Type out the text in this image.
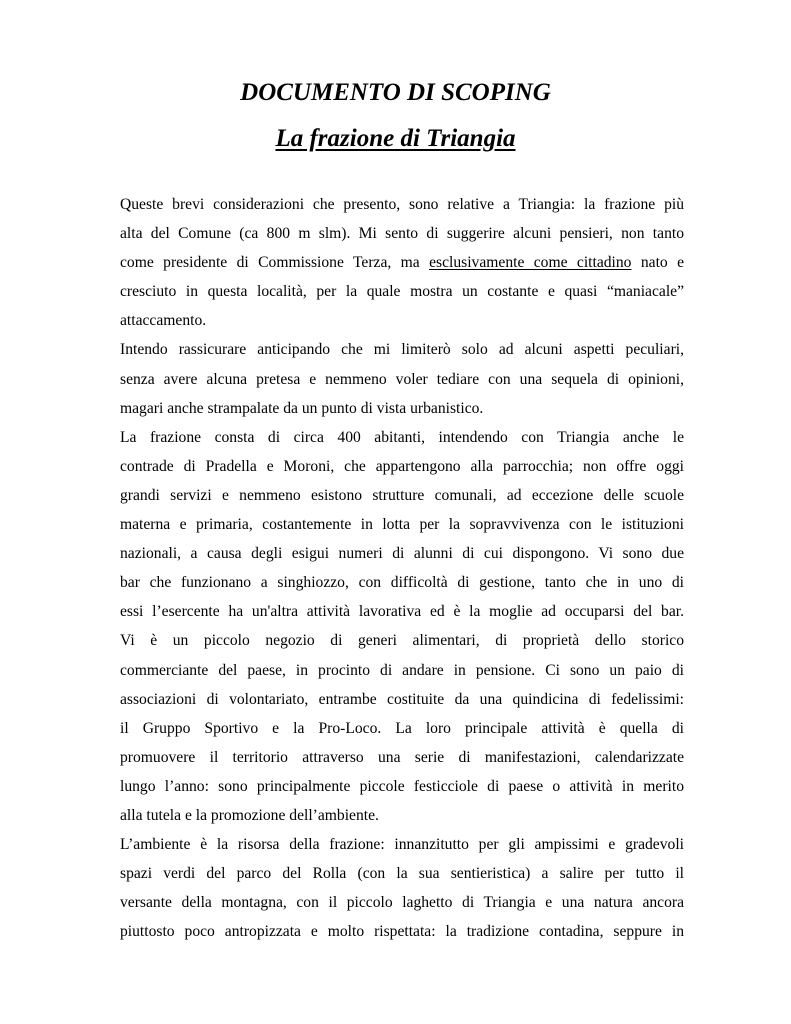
DOCUMENTO DI SCOPING
La frazione di Triangia
Queste brevi considerazioni che presento, sono relative a Triangia: la frazione più
alta del Comune (ca 800 m slm). Mi sento di suggerire alcuni pensieri, non tanto
come presidente di Commissione Terza, ma esclusivamente come cittadino nato e
cresciuto in questa località, per la quale mostra un costante e quasi “maniacale”
attaccamento.
Intendo rassicurare anticipando che mi limiterò solo ad alcuni aspetti peculiari,
senza avere alcuna pretesa e nemmeno voler tediare con una sequela di opinioni,
magari anche strampalate da un punto di vista urbanistico.
La frazione consta di circa 400 abitanti, intendendo con Triangia anche le
contrade di Pradella e Moroni, che appartengono alla parrocchia; non offre oggi
grandi servizi e nemmeno esistono strutture comunali, ad eccezione delle scuole
materna e primaria, costantemente in lotta per la sopravvivenza con le istituzioni
nazionali, a causa degli esigui numeri di alunni di cui dispongono. Vi sono due
bar che funzionano a singhiozzo, con difficoltà di gestione, tanto che in uno di
essi l’esercente ha un'altra attività lavorativa ed è la moglie ad occuparsi del bar.
Vi è un piccolo negozio di generi alimentari, di proprietà dello storico
commerciante del paese, in procinto di andare in pensione. Ci sono un paio di
associazioni di volontariato, entrambe costituite da una quindicina di fedelissimi:
il Gruppo Sportivo e la Pro-Loco. La loro principale attività è quella di
promuovere il territorio attraverso una serie di manifestazioni, calendarizzate
lungo l’anno: sono principalmente piccole festicciole di paese o attività in merito
alla tutela e la promozione dell’ambiente.
L’ambiente è la risorsa della frazione: innanzitutto per gli ampissimi e gradevoli
spazi verdi del parco del Rolla (con la sua sentieristica) a salire per tutto il
versante della montagna, con il piccolo laghetto di Triangia e una natura ancora
piuttosto poco antropizzata e molto rispettata: la tradizione contadina, seppure in
